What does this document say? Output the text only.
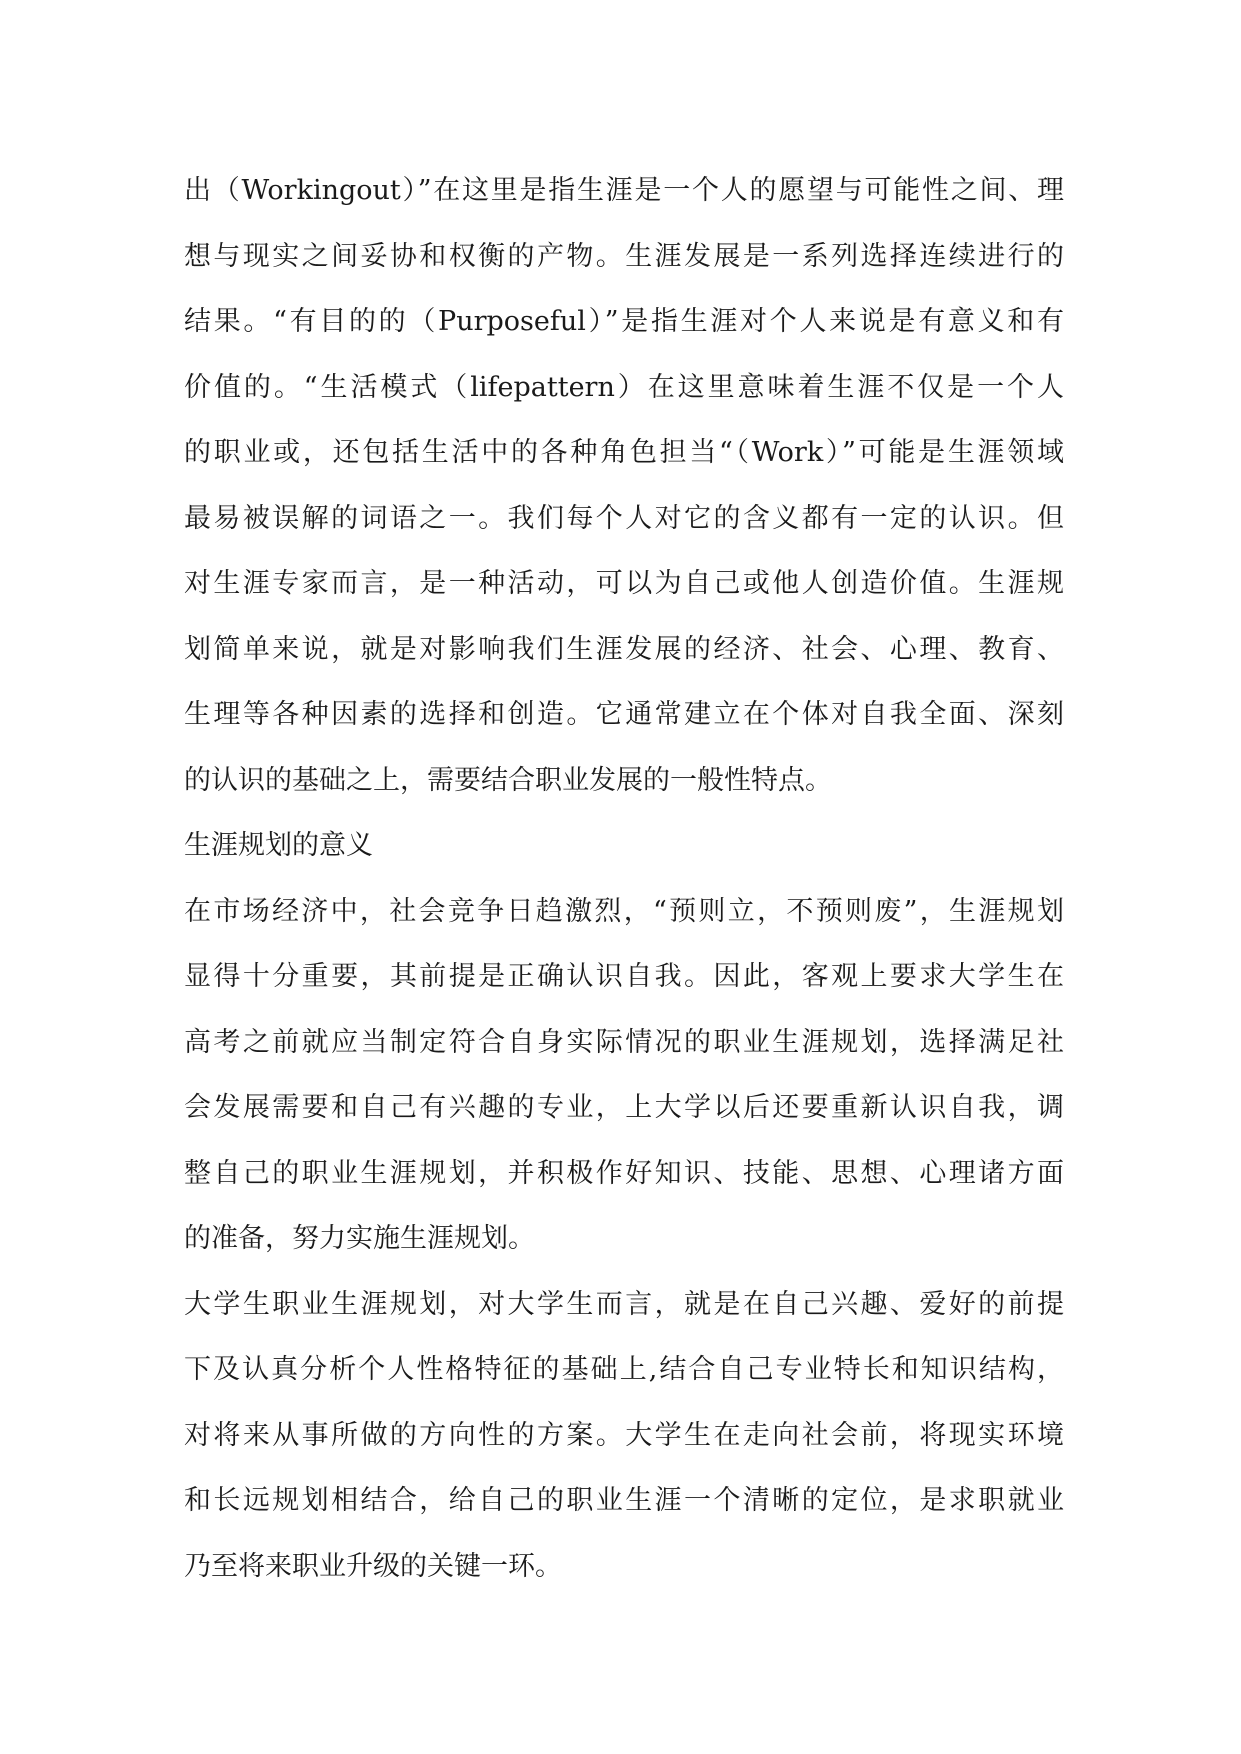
出（Workingout）”在这里是指生涯是一个人的愿望与可能性之间、理
想与现实之间妥协和权衡的产物。生涯发展是一系列选择连续进行的
结果。“有目的的（Purposeful）”是指生涯对个人来说是有意义和有
价值的。“生活模式（lifepattern）在这里意味着生涯不仅是一个人
的职业或，还包括生活中的各种角色担当“（Work）”可能是生涯领域
最易被误解的词语之一。我们每个人对它的含义都有一定的认识。但
对生涯专家而言，是一种活动，可以为自己或他人创造价值。生涯规
划简单来说，就是对影响我们生涯发展的经济、社会、心理、教育、
生理等各种因素的选择和创造。它通常建立在个体对自我全面、深刻
的认识的基础之上，需要结合职业发展的一般性特点。
生涯规划的意义
在市场经济中，社会竞争日趋激烈，“预则立，不预则废”，生涯规划
显得十分重要，其前提是正确认识自我。因此，客观上要求大学生在
高考之前就应当制定符合自身实际情况的职业生涯规划，选择满足社
会发展需要和自己有兴趣的专业，上大学以后还要重新认识自我，调
整自己的职业生涯规划，并积极作好知识、技能、思想、心理诸方面
的准备，努力实施生涯规划。
大学生职业生涯规划，对大学生而言，就是在自己兴趣、爱好的前提
下及认真分析个人性格特征的基础上,结合自己专业特长和知识结构，
对将来从事所做的方向性的方案。大学生在走向社会前，将现实环境
和长远规划相结合，给自己的职业生涯一个清晰的定位，是求职就业
乃至将来职业升级的关键一环。
